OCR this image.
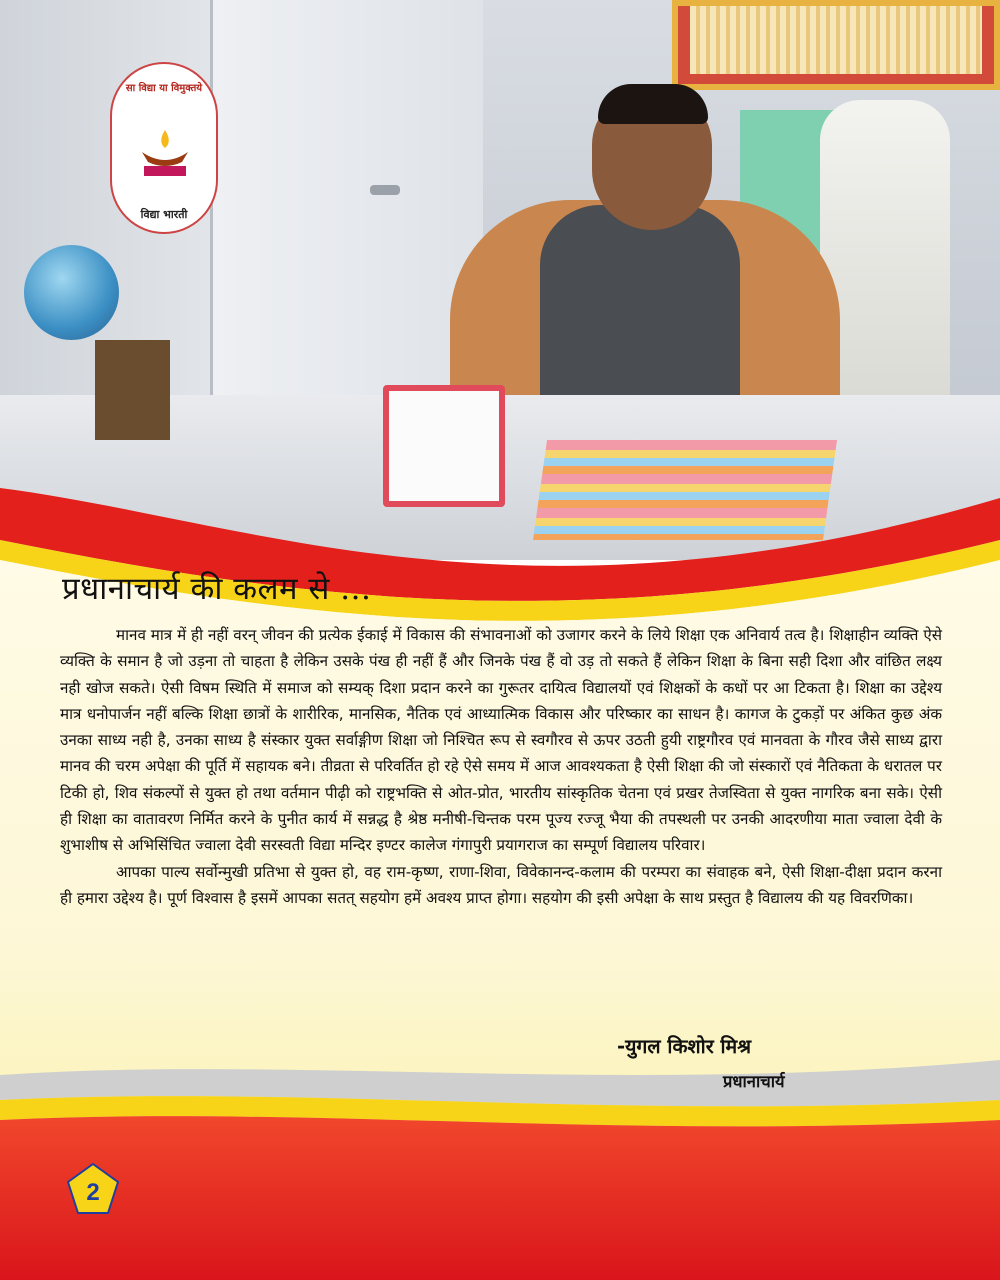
सा विद्या या विमुक्तये
विद्या भारती
प्रधानाचार्य की कलम से ...

मानव मात्र में ही नहीं वरन् जीवन की प्रत्येक ईकाई में विकास की संभावनाओं को उजागर करने के लिये शिक्षा एक अनिवार्य तत्व है। शिक्षाहीन व्यक्ति ऐसे व्यक्ति के समान है जो उड़ना तो चाहता है लेकिन उसके पंख ही नहीं हैं और जिनके पंख हैं वो उड़ तो सकते हैं लेकिन शिक्षा के बिना सही दिशा और वांछित लक्ष्य नही खोज सकते। ऐसी विषम स्थिति में समाज को सम्यक् दिशा प्रदान करने का गुरूतर दायित्व विद्यालयों एवं शिक्षकों के कधों पर आ टिकता है। शिक्षा का उद्देश्य मात्र धनोपार्जन नहीं बल्कि शिक्षा छात्रों के शारीरिक, मानसिक, नैतिक एवं आध्यात्मिक विकास और परिष्कार का साधन है। कागज के टुकड़ों पर अंकित कुछ अंक उनका साध्य नही है, उनका साध्य है संस्कार युक्त सर्वाङ्गीण शिक्षा जो निश्चित रूप से स्वगौरव से ऊपर उठती हुयी राष्ट्रगौरव एवं मानवता के गौरव जैसे साध्य द्वारा मानव की चरम अपेक्षा की पूर्ति में सहायक बने। तीव्रता से परिवर्तित हो रहे ऐसे समय में आज आवश्यकता है ऐसी शिक्षा की जो संस्कारों एवं नैतिकता के धरातल पर टिकी हो, शिव संकल्पों से युक्त हो तथा वर्तमान पीढ़ी को राष्ट्रभक्ति से ओत-प्रोत, भारतीय सांस्कृतिक चेतना एवं प्रखर तेजस्विता से युक्त नागरिक बना सके। ऐसी ही शिक्षा का वातावरण निर्मित करने के पुनीत कार्य में सन्नद्ध है श्रेष्ठ मनीषी-चिन्तक परम पूज्य रज्जू भैया की तपस्थली पर उनकी आदरणीया माता ज्वाला देवी के शुभाशीष से अभिसिंचित ज्वाला देवी सरस्वती विद्या मन्दिर इण्टर कालेज गंगापुरी प्रयागराज का सम्पूर्ण विद्यालय परिवार।

आपका पाल्य सर्वोन्मुखी प्रतिभा से युक्त हो, वह राम-कृष्ण, राणा-शिवा, विवेकानन्द-कलाम की परम्परा का संवाहक बने, ऐसी शिक्षा-दीक्षा प्रदान करना ही हमारा उद्देश्य है। पूर्ण विश्वास है इसमें आपका सतत् सहयोग हमें अवश्य प्राप्त होगा। सहयोग की इसी अपेक्षा के साथ प्रस्तुत है विद्यालय की यह विवरणिका।

-युगल किशोर मिश्र
प्रधानाचार्य
2
